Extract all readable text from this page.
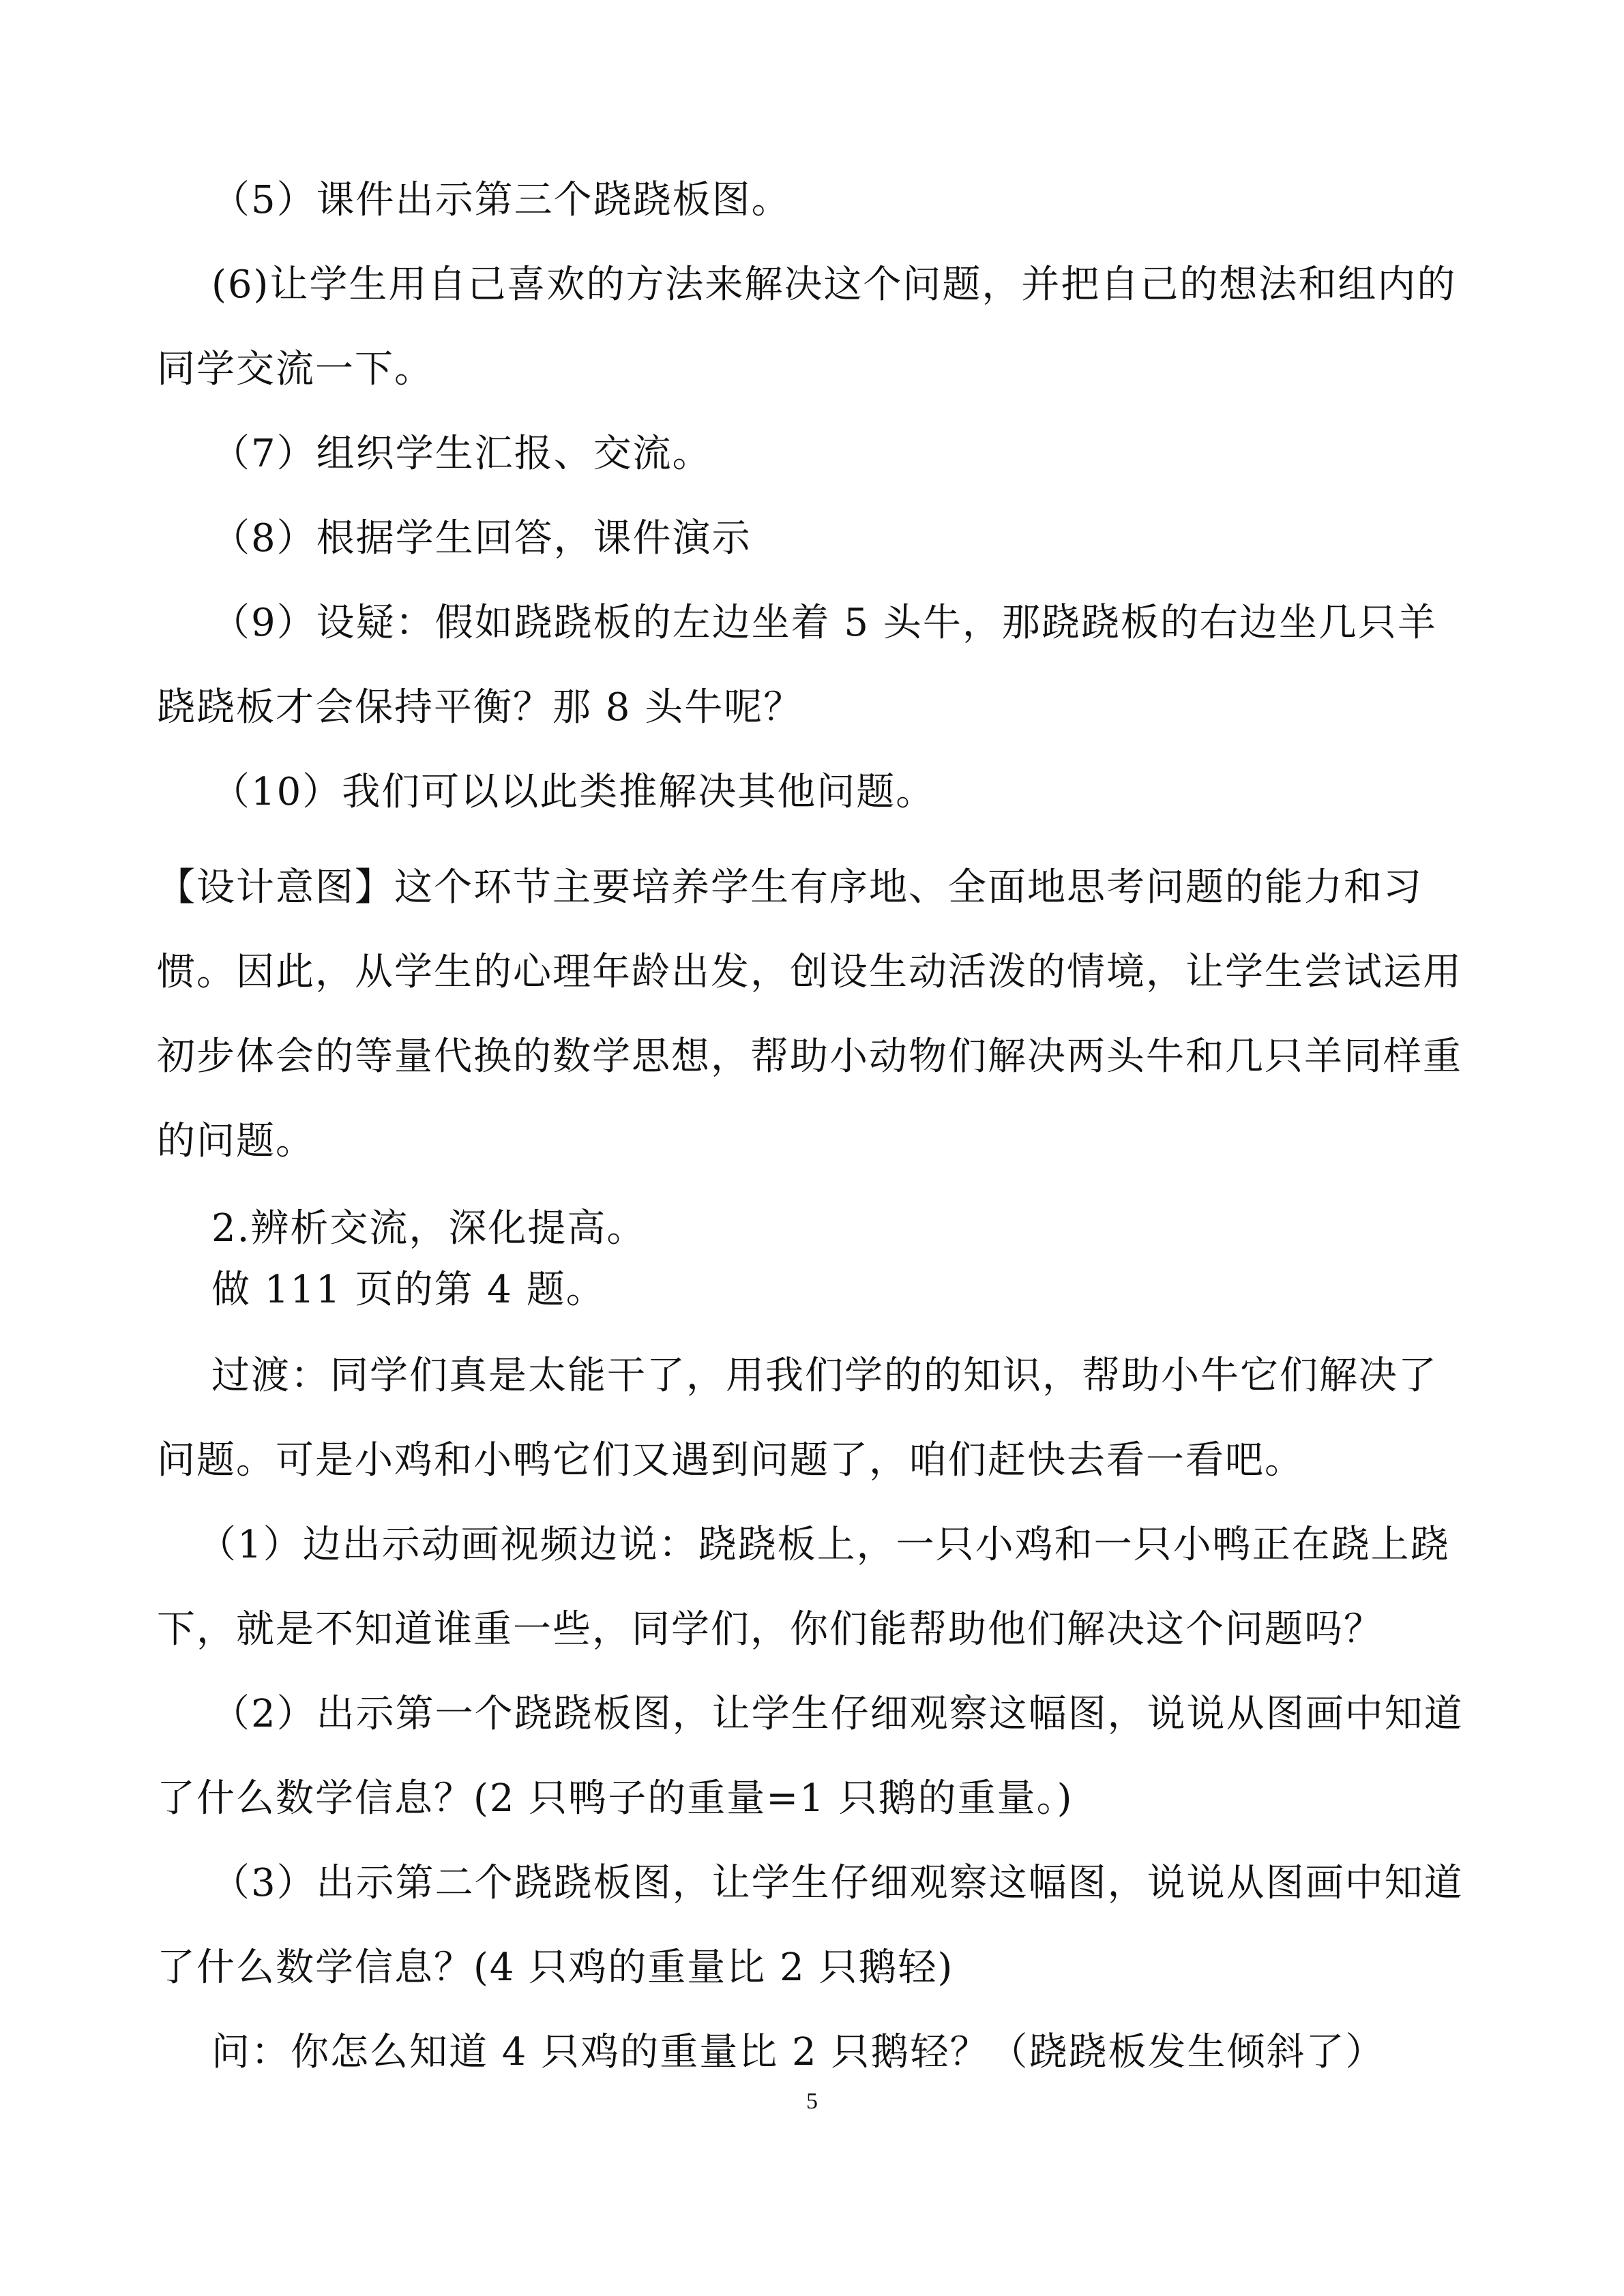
（5）课件出示第三个跷跷板图。

(6)让学生用自己喜欢的方法来解决这个问题，并把自己的想法和组内的同学交流一下。

（7）组织学生汇报、交流。

（8）根据学生回答，课件演示

（9）设疑：假如跷跷板的左边坐着 5 头牛，那跷跷板的右边坐几只羊跷跷板才会保持平衡？那 8 头牛呢？

（10）我们可以以此类推解决其他问题。

【设计意图】这个环节主要培养学生有序地、全面地思考问题的能力和习惯。因此，从学生的心理年龄出发，创设生动活泼的情境，让学生尝试运用初步体会的等量代换的数学思想，帮助小动物们解决两头牛和几只羊同样重的问题。

2.辨析交流，深化提高。

做 111 页的第 4 题。

过渡：同学们真是太能干了，用我们学的的知识，帮助小牛它们解决了问题。可是小鸡和小鸭它们又遇到问题了，咱们赶快去看一看吧。

（1）边出示动画视频边说：跷跷板上，一只小鸡和一只小鸭正在跷上跷下，就是不知道谁重一些，同学们，你们能帮助他们解决这个问题吗？

（2）出示第一个跷跷板图，让学生仔细观察这幅图，说说从图画中知道了什么数学信息？(2 只鸭子的重量=1 只鹅的重量。)

（3）出示第二个跷跷板图，让学生仔细观察这幅图，说说从图画中知道了什么数学信息？(4 只鸡的重量比 2 只鹅轻)

问：你怎么知道 4 只鸡的重量比 2 只鹅轻？（跷跷板发生倾斜了）

5
